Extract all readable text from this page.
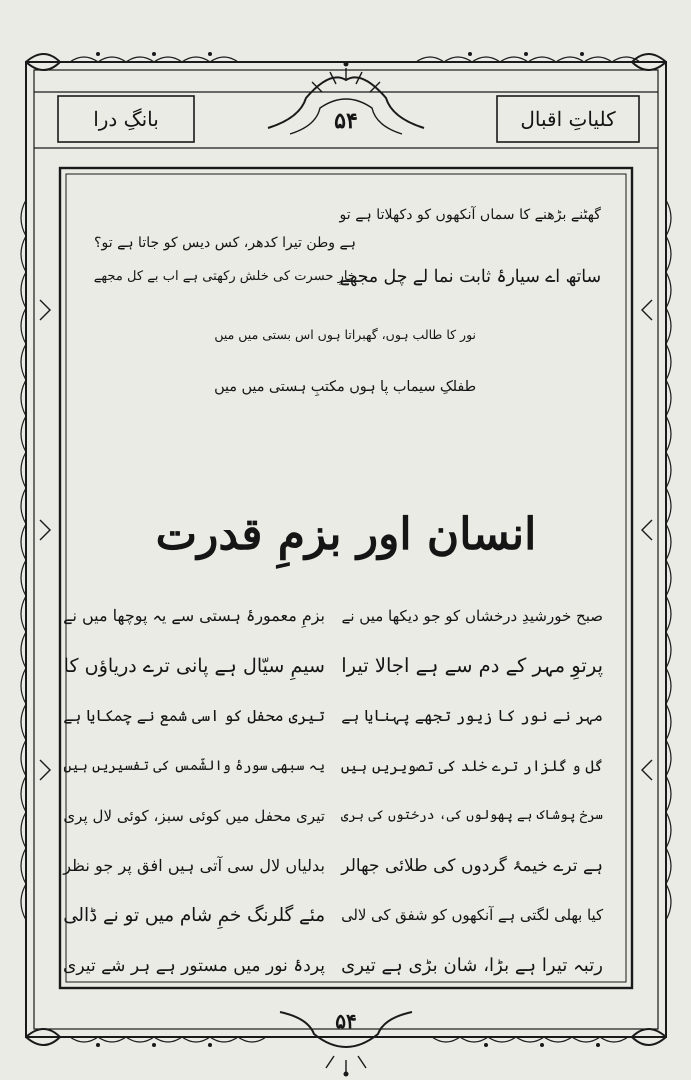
بانگِ درا	کلیاتِ اقبال
۵۴
گھٹنے بڑھنے کا سماں آنکھوں کو دکھلاتا ہے تو
ہے وطن تیرا کدھر، کس دیس کو جاتا ہے تو؟
ساتھ اے سیارۂ ثابت نما لے چل مجھے
خارِ حسرت کی خلش رکھتی ہے اب بے کل مجھے
نور کا طالب ہوں، گھبراتا ہوں اس بستی میں میں
طفلکِ سیماب پا ہوں مکتبِ ہستی میں میں
انسان اور بزمِ قدرت
صبح خورشیدِ درخشاں کو جو دیکھا میں نے
بزمِ معمورۂ ہستی سے یہ پوچھا میں نے
پرتوِ مہر کے دم سے ہے اجالا تیرا
سیمِ سیّال ہے پانی ترے دریاؤں کا
مہر نے نور کا زیور تجھے پہنایا ہے
تیری محفل کو اسی شمع نے چمکایا ہے
گل و گلزار ترے خلد کی تصویریں ہیں
یہ سبھی سورۂ والشّمس کی تفسیریں ہیں
سرخ پوشاک ہے پھولوں کی، درختوں کی ہری
تیری محفل میں کوئی سبز، کوئی لال پری
ہے ترے خیمۂ گردوں کی طلائی جھالر
بدلیاں لال سی آتی ہیں افق پر جو نظر
کیا بھلی لگتی ہے آنکھوں کو شفق کی لالی
مئے گلرنگ خمِ شام میں تو نے ڈالی
رتبہ تیرا ہے بڑا، شان بڑی ہے تیری
پردۂ نور میں مستور ہے ہر شے تیری
۵۴
